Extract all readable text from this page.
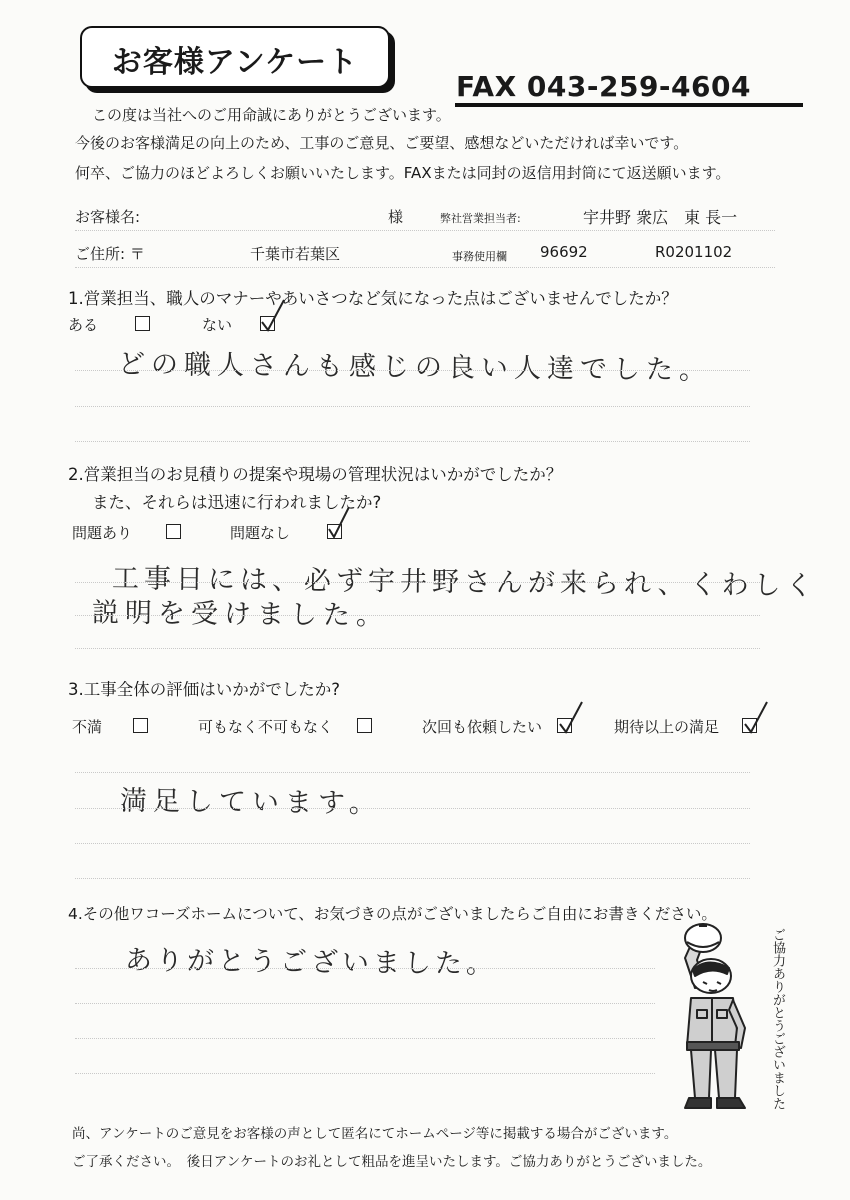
お客様アンケート
FAX 043-259-4604
この度は当社へのご用命誠にありがとうございます。
今後のお客様満足の向上のため、工事のご意見、ご要望、感想などいただければ幸いです。
何卒、ご協力のほどよろしくお願いいたします。FAXまたは同封の返信用封筒にて返送願います。
お客様名:	様	弊社営業担当者:	宇井野 衆広　東 長一
ご住所: 〒	千葉市若葉区	事務使用欄 96692	R0201102
1.営業担当、職人のマナーやあいさつなど気になった点はございませんでしたか？
ある	ない
どの職人さんも感じの良い人達でした。
2.営業担当のお見積りの提案や現場の管理状況はいかがでしたか？
また、それらは迅速に行われましたか?
問題あり	問題なし
工事日には、必ず宇井野さんが来られ、くわしく
説明を受けました。
3.工事全体の評価はいかがでしたか?
不満	可もなく不可もなく	次回も依頼したい	期待以上の満足
満足しています。
4.その他ワコーズホームについて、お気づきの点がございましたらご自由にお書きください。
ありがとうございました。	ご協力ありがとうございました
尚、アンケートのご意見をお客様の声として匿名にてホームページ等に掲載する場合がございます。
ご了承ください。　後日アンケートのお礼として粗品を進呈いたします。ご協力ありがとうございました。
